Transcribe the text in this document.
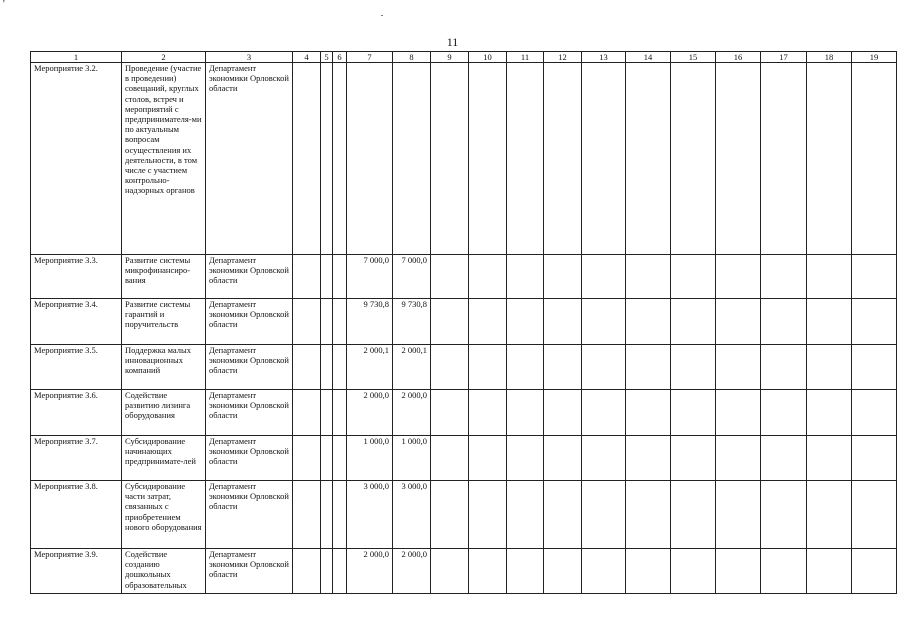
'
11
1	2	3	4	5	6	7	8	9	10	11	12	13	14	15	16	17	18	19
Мероприятие 3.2.	Проведение (участие в проведении) совещаний, круглых столов, встреч и мероприятий с предпринимателя-ми по актуальным вопросам осуществления их деятельности, в том числе с участием контрольно-надзорных органов	Департамент экономики Орловской области																
Мероприятие 3.3.	Развитие системы микрофинансиро-вания	Департамент экономики Орловской области				7 000,0	7 000,0											
Мероприятие 3.4.	Развитие системы гарантий и поручительств	Департамент экономики Орловской области				9 730,8	9 730,8											
Мероприятие 3.5.	Поддержка малых инновационных компаний	Департамент экономики Орловской области				2 000,1	2 000,1											
Мероприятие 3.6.	Содействие развитию лизинга оборудования	Департамент экономики Орловской области				2 000,0	2 000,0											
Мероприятие 3.7.	Субсидирование начинающих предприниматe-лей	Департамент экономики Орловской области				1 000,0	1 000,0											
Мероприятие 3.8.	Субсидирование части затрат, связанных с приобретением нового оборудования	Департамент экономики Орловской области				3 000,0	3 000,0											
Мероприятие 3.9.	Содействие созданию дошкольных образовательных	Департамент экономики Орловской области				2 000,0	2 000,0											
